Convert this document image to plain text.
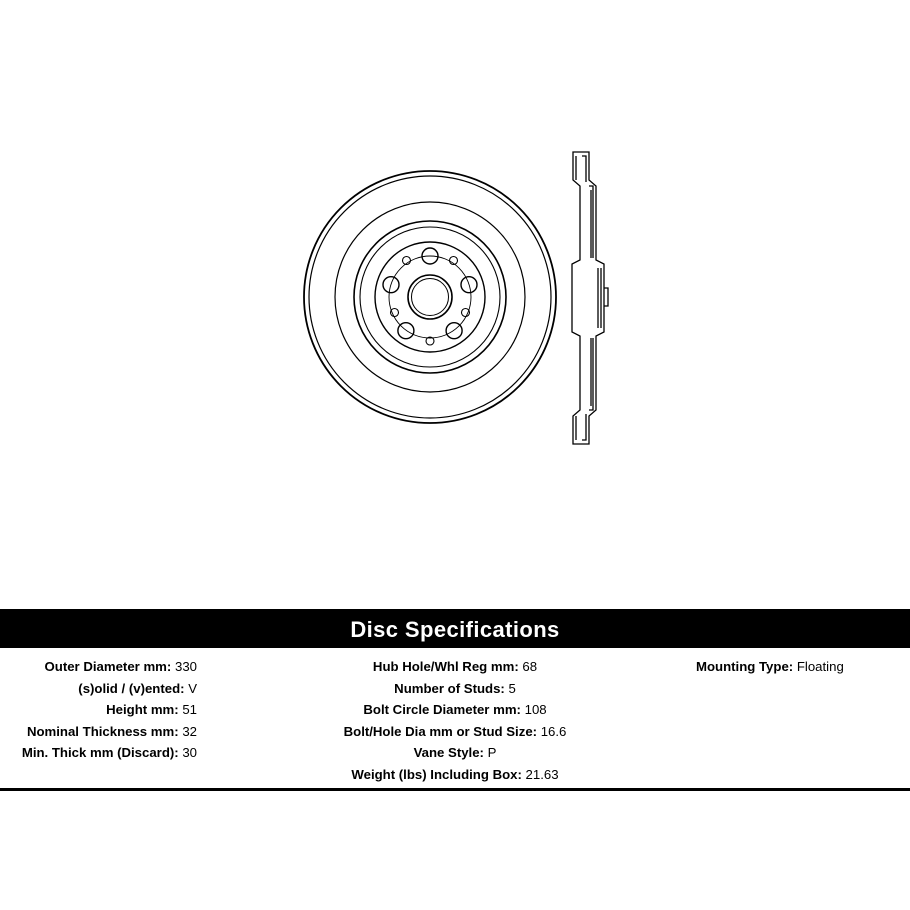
Disc Specifications
Outer Diameter mm: 330
(s)olid / (v)ented: V
Height mm: 51
Nominal Thickness mm: 32
Min. Thick mm (Discard): 30
Hub Hole/Whl Reg mm: 68
Number of Studs: 5
Bolt Circle Diameter mm: 108
Bolt/Hole Dia mm or Stud Size: 16.6
Vane Style: P
Weight (lbs) Including Box: 21.63
Mounting Type: Floating
